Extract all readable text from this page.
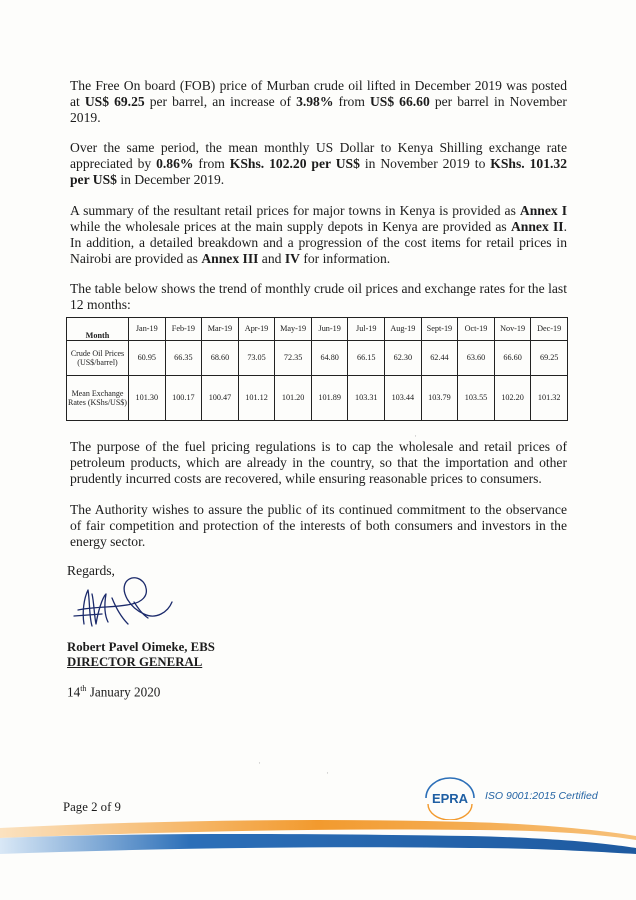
The Free On board (FOB) price of Murban crude oil lifted in December 2019 was posted at US$ 69.25 per barrel, an increase of 3.98% from US$ 66.60 per barrel in November 2019.

Over the same period, the mean monthly US Dollar to Kenya Shilling exchange rate appreciated by 0.86% from KShs. 102.20 per US$ in November 2019 to KShs. 101.32 per US$ in December 2019.

A summary of the resultant retail prices for major towns in Kenya is provided as Annex I while the wholesale prices at the main supply depots in Kenya are provided as Annex II. In addition, a detailed breakdown and a progression of the cost items for retail prices in Nairobi are provided as Annex III and IV for information.

The table below shows the trend of monthly crude oil prices and exchange rates for the last 12 months:

Month	Jan-19	Feb-19	Mar-19	Apr-19	May-19	Jun-19	Jul-19	Aug-19	Sept-19	Oct-19	Nov-19	Dec-19
Crude Oil Prices (US$/barrel)	60.95	66.35	68.60	73.05	72.35	64.80	66.15	62.30	62.44	63.60	66.60	69.25
Mean Exchange Rates (KShs/US$)	101.30	100.17	100.47	101.12	101.20	101.89	103.31	103.44	103.79	103.55	102.20	101.32

The purpose of the fuel pricing regulations is to cap the wholesale and retail prices of petroleum products, which are already in the country, so that the importation and other prudently incurred costs are recovered, while ensuring reasonable prices to consumers.

The Authority wishes to assure the public of its continued commitment to the observance of fair competition and protection of the interests of both consumers and investors in the energy sector.

Regards,
Robert Pavel Oimeke, EBS
DIRECTOR GENERAL
14th January 2020
·
·
·
Page 2 of 9
EPRA ISO 9001:2015 Certified
